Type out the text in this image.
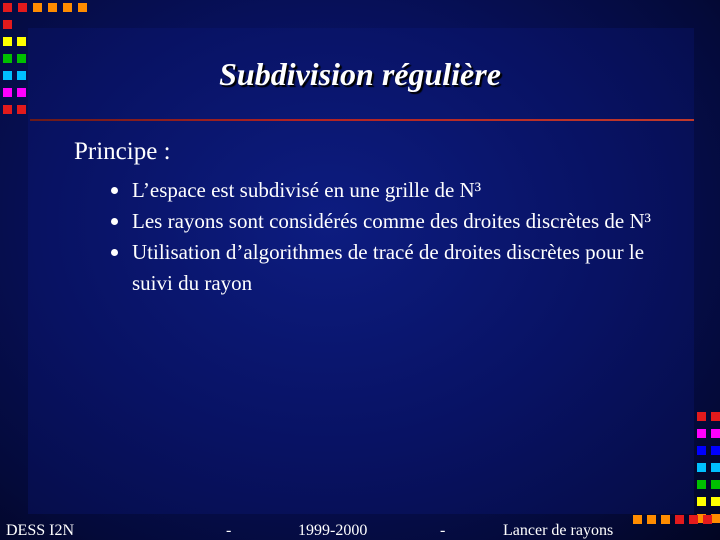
Subdivision régulière
Principe :
L’espace est subdivisé en une grille de N³
Les rayons sont considérés comme des droites discrètes de N³
Utilisation d’algorithmes de tracé de droites discrètes pour le suivi du rayon
DESS I2N	-	1999-2000	-	Lancer de rayons
